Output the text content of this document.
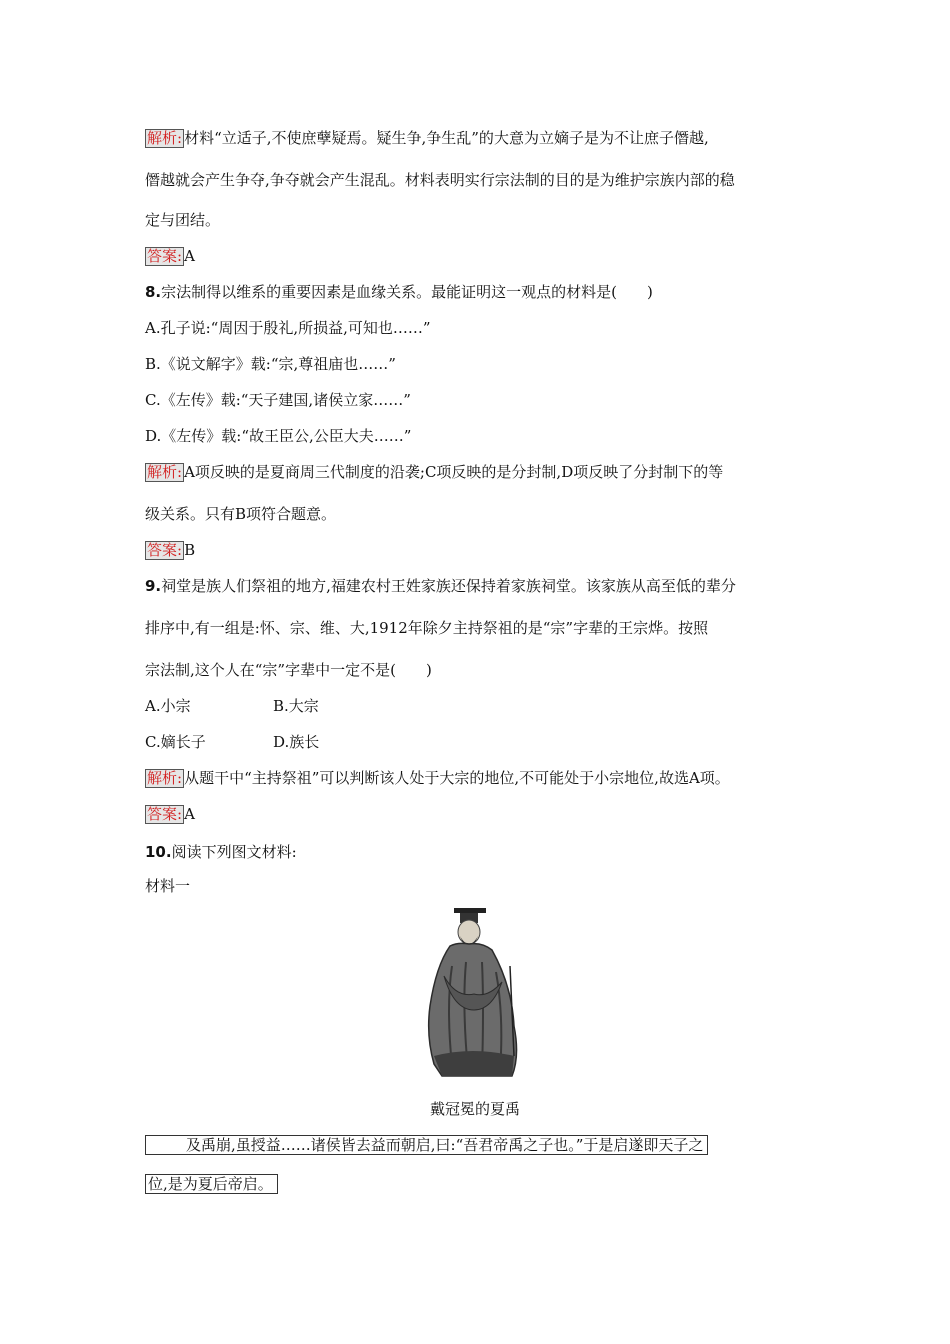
解析: 材料“立适子,不使庶孽疑焉。疑生争,争生乱”的大意为立嫡子是为不让庶子僭越,
僭越就会产生争夺,争夺就会产生混乱。材料表明实行宗法制的目的是为维护宗族内部的稳
定与团结。
答案: A
8.宗法制得以维系的重要因素是血缘关系。最能证明这一观点的材料是(　　)
A.孔子说:“周因于殷礼,所损益,可知也……”
B.《说文解字》载:“宗,尊祖庙也……”
C.《左传》载:“天子建国,诸侯立家……”
D.《左传》载:“故王臣公,公臣大夫……”
解析: A项反映的是夏商周三代制度的沿袭;C项反映的是分封制,D项反映了分封制下的等
级关系。只有B项符合题意。
答案: B
9.祠堂是族人们祭祖的地方,福建农村王姓家族还保持着家族祠堂。该家族从高至低的辈分
排序中,有一组是:怀、宗、维、大,1912年除夕主持祭祖的是“宗”字辈的王宗烨。按照
宗法制,这个人在“宗”字辈中一定不是(　　)
A.小宗	B.大宗
C.嫡长子	D.族长
解析: 从题干中“主持祭祖”可以判断该人处于大宗的地位,不可能处于小宗地位,故选A项。
答案: A
10.阅读下列图文材料:
材料一
戴冠冕的夏禹
及禹崩,虽授益……诸侯皆去益而朝启,曰:“吾君帝禹之子也。”于是启遂即天子之
位,是为夏后帝启。
